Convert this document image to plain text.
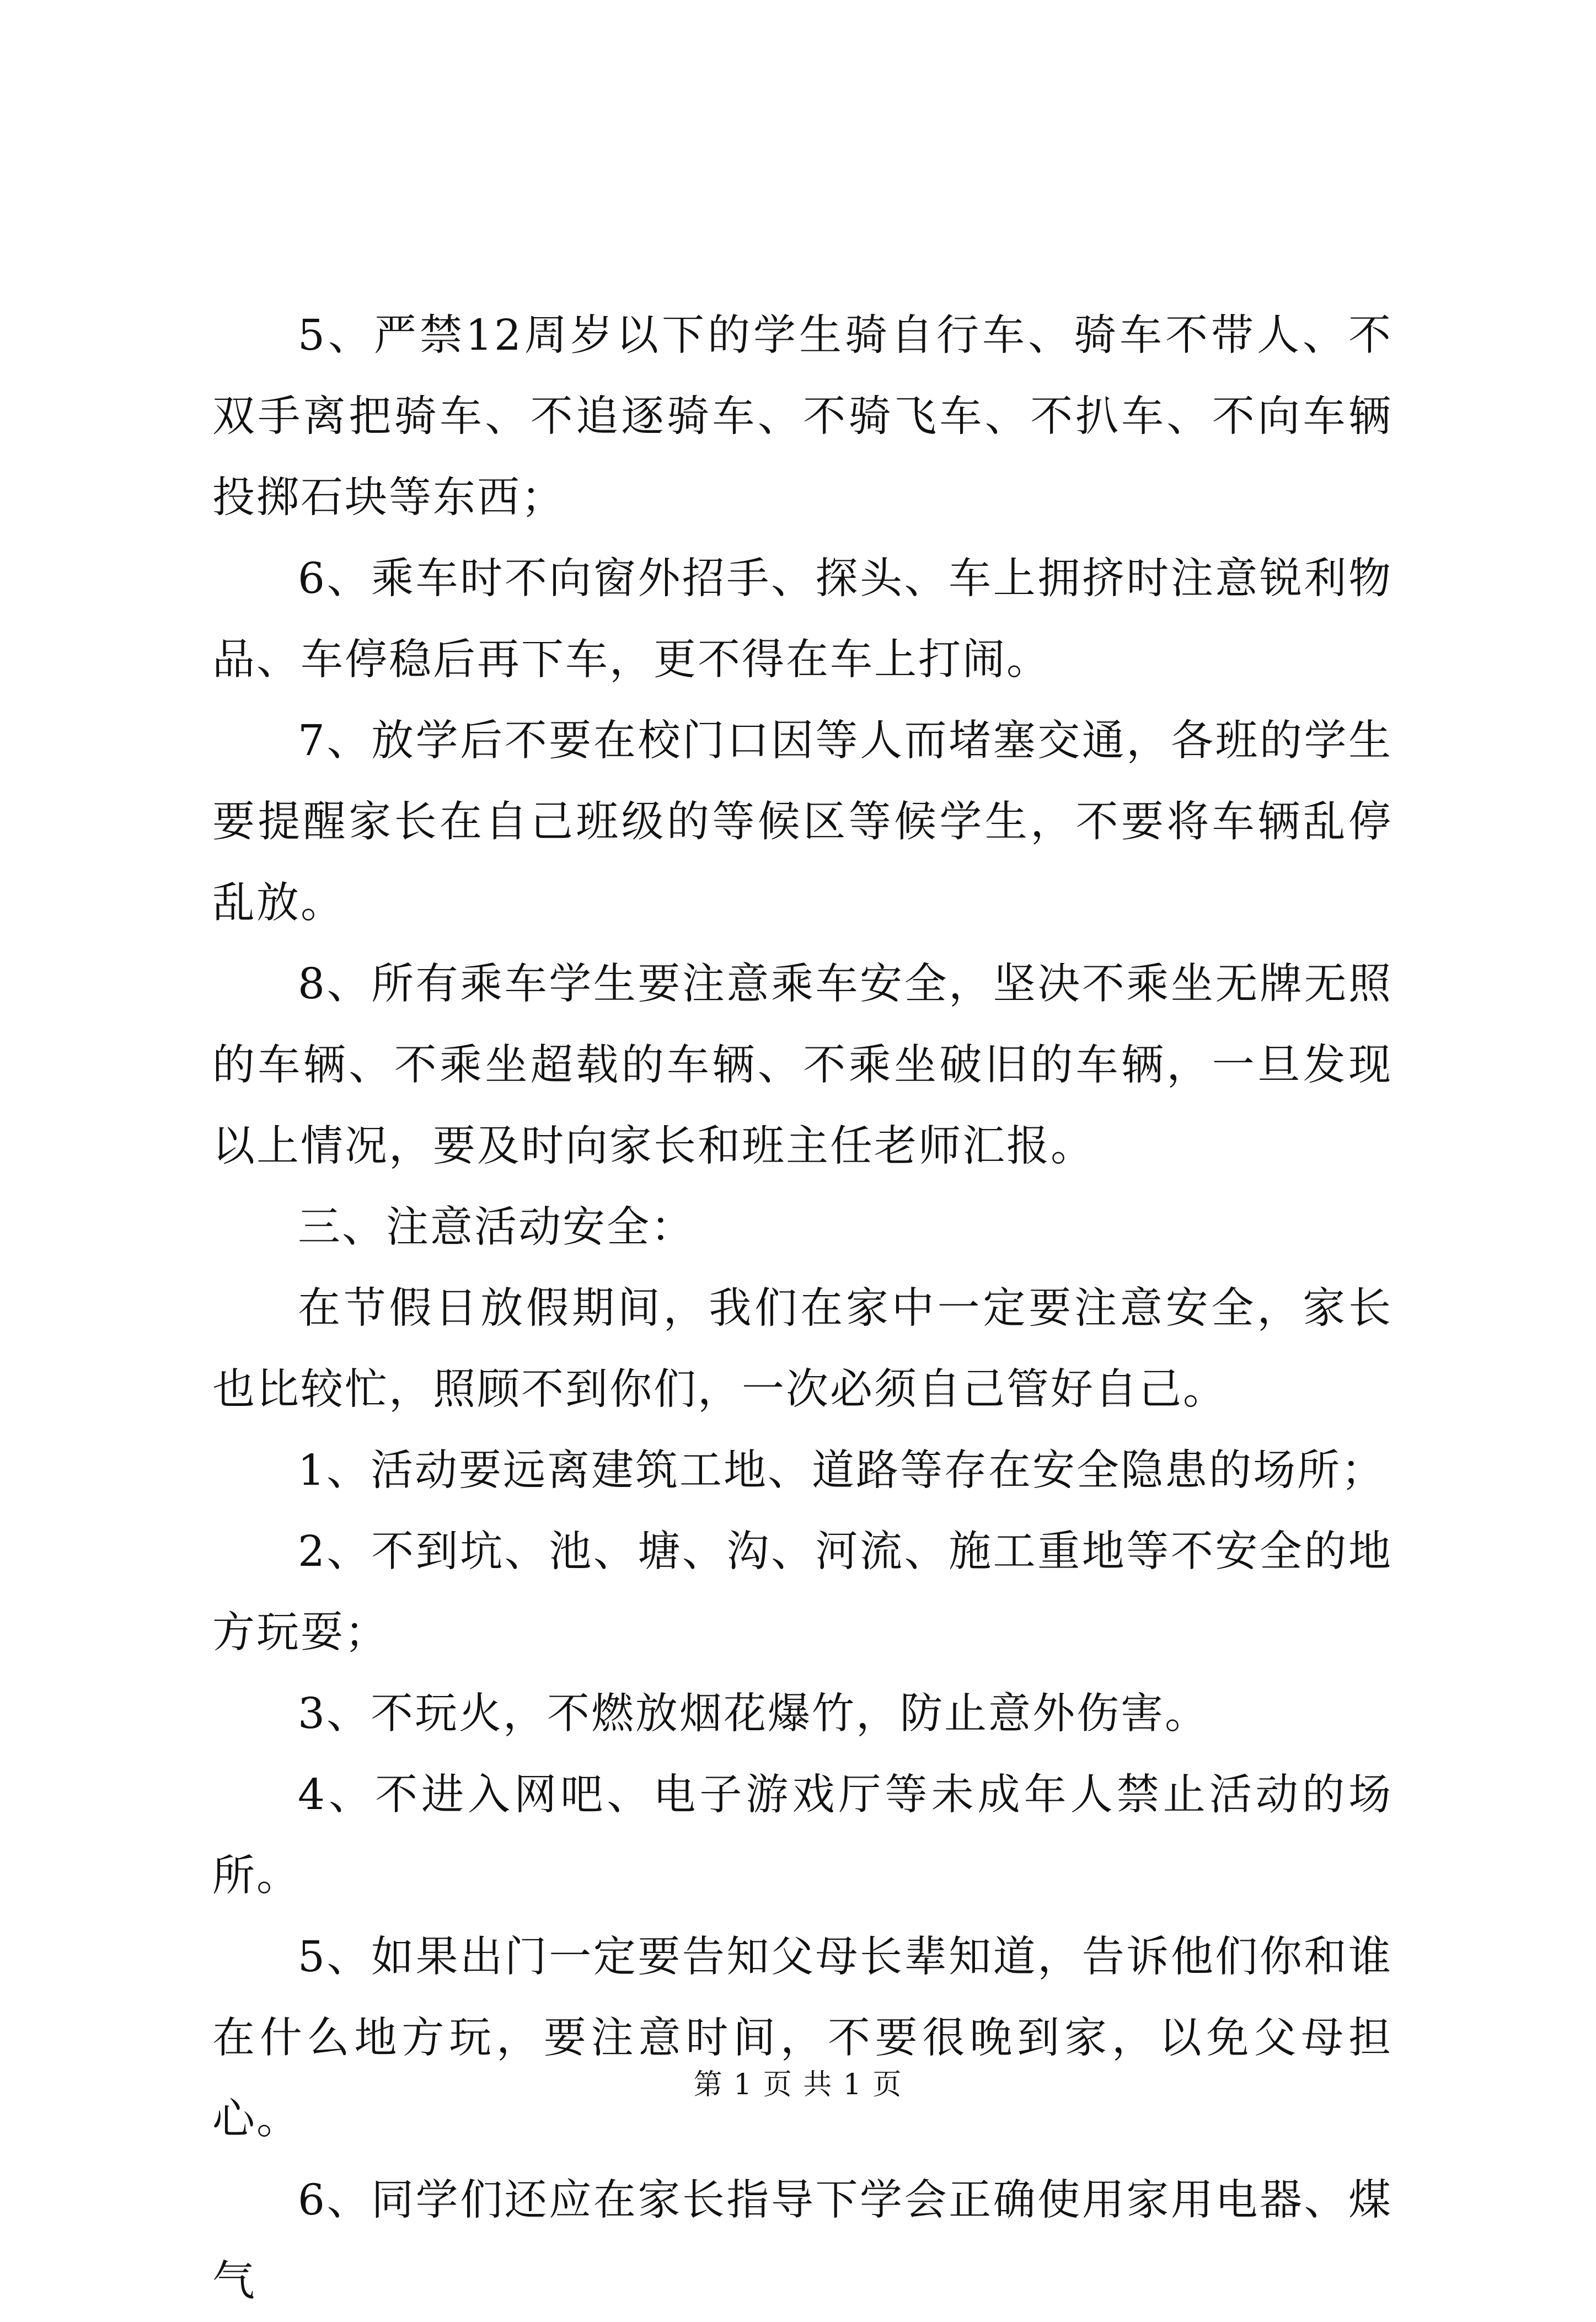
5、严禁12周岁以下的学生骑自行车、骑车不带人、不双手离把骑车、不追逐骑车、不骑飞车、不扒车、不向车辆投掷石块等东西；

6、乘车时不向窗外招手、探头、车上拥挤时注意锐利物品、车停稳后再下车，更不得在车上打闹。

7、放学后不要在校门口因等人而堵塞交通，各班的学生要提醒家长在自己班级的等候区等候学生，不要将车辆乱停乱放。

8、所有乘车学生要注意乘车安全，坚决不乘坐无牌无照的车辆、不乘坐超载的车辆、不乘坐破旧的车辆，一旦发现以上情况，要及时向家长和班主任老师汇报。

三、注意活动安全：

在节假日放假期间，我们在家中一定要注意安全，家长也比较忙，照顾不到你们，一次必须自己管好自己。

1、活动要远离建筑工地、道路等存在安全隐患的场所；

2、不到坑、池、塘、沟、河流、施工重地等不安全的地方玩耍；

3、不玩火，不燃放烟花爆竹，防止意外伤害。

4、不进入网吧、电子游戏厅等未成年人禁止活动的场所。

5、如果出门一定要告知父母长辈知道，告诉他们你和谁在什么地方玩，要注意时间，不要很晚到家，以免父母担心。

6、同学们还应在家长指导下学会正确使用家用电器、煤气

第 1 页 共 1 页
